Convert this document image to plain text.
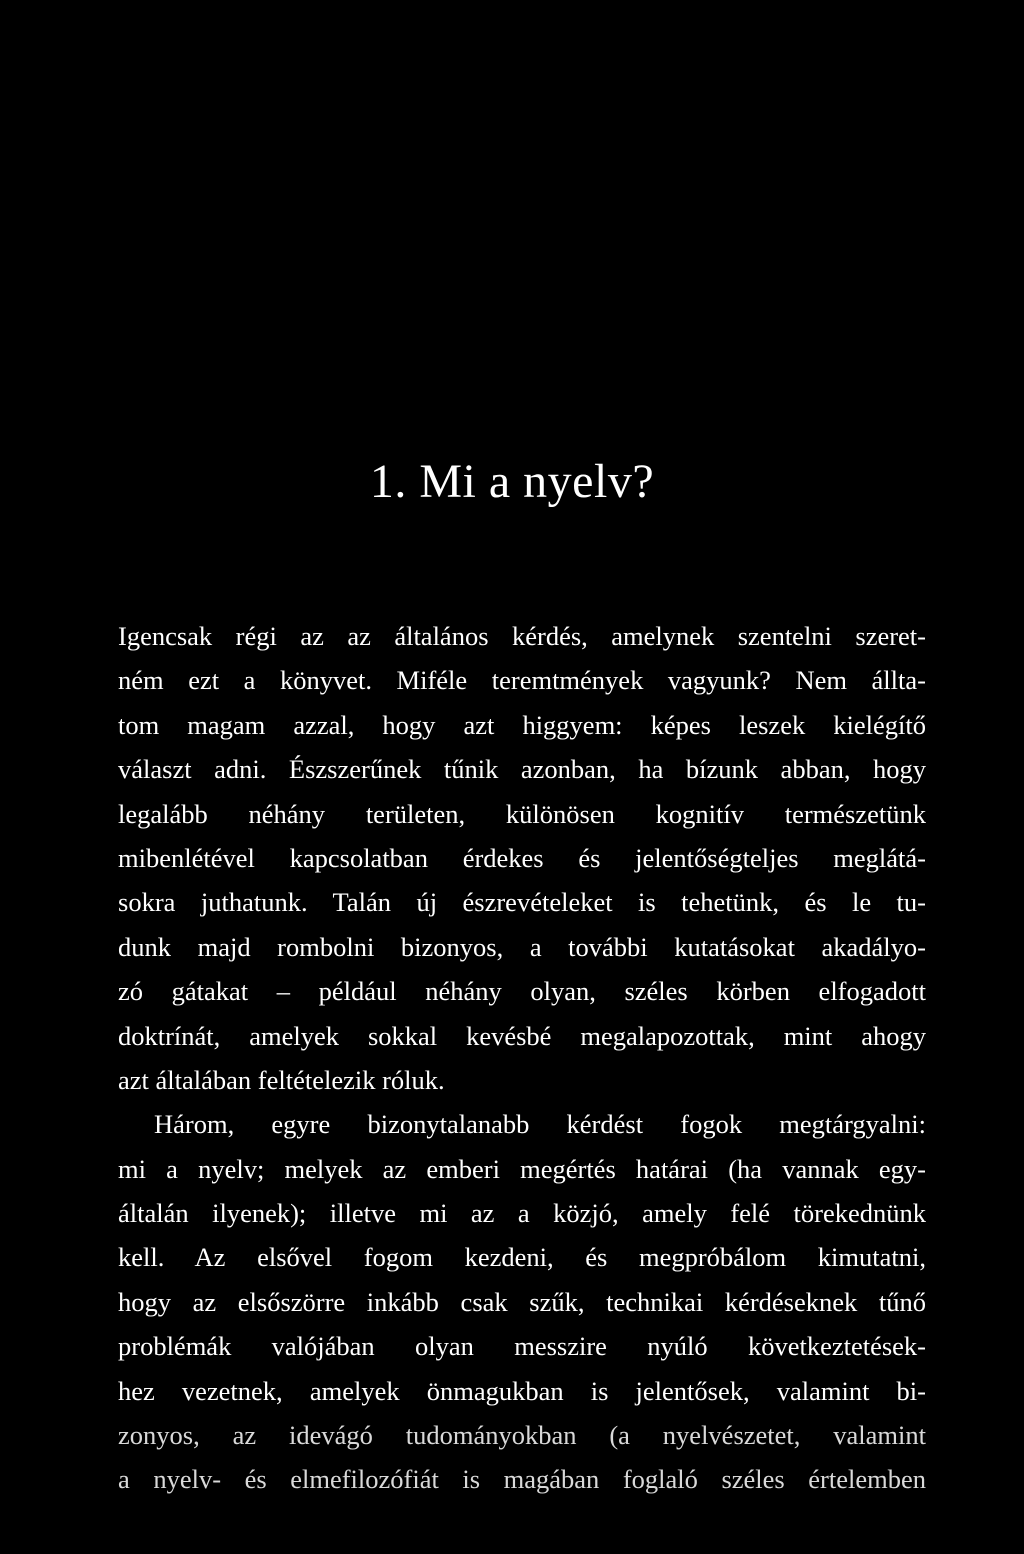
1. Mi a nyelv?
Igencsak régi az az általános kérdés, amelynek szentelni szeret-
ném ezt a könyvet. Miféle teremtmények vagyunk? Nem állta-
tom magam azzal, hogy azt higgyem: képes leszek kielégítő
választ adni. Észszerűnek tűnik azonban, ha bízunk abban, hogy
legalább néhány területen, különösen kognitív természetünk
mibenlétével kapcsolatban érdekes és jelentőségteljes meglátá-
sokra juthatunk. Talán új észrevételeket is tehetünk, és le tu-
dunk majd rombolni bizonyos, a további kutatásokat akadályo-
zó gátakat – például néhány olyan, széles körben elfogadott
doktrínát, amelyek sokkal kevésbé megalapozottak, mint ahogy
azt általában feltételezik róluk.
Három, egyre bizonytalanabb kérdést fogok megtárgyalni:
mi a nyelv; melyek az emberi megértés határai (ha vannak egy-
általán ilyenek); illetve mi az a közjó, amely felé törekednünk
kell. Az elsővel fogom kezdeni, és megpróbálom kimutatni,
hogy az elsőszörre inkább csak szűk, technikai kérdéseknek tűnő
problémák valójában olyan messzire nyúló következtetések-
hez vezetnek, amelyek önmagukban is jelentősek, valamint bi-
zonyos, az idevágó tudományokban (a nyelvészetet, valamint
a nyelv- és elmefilozófiát is magában foglaló széles értelemben
